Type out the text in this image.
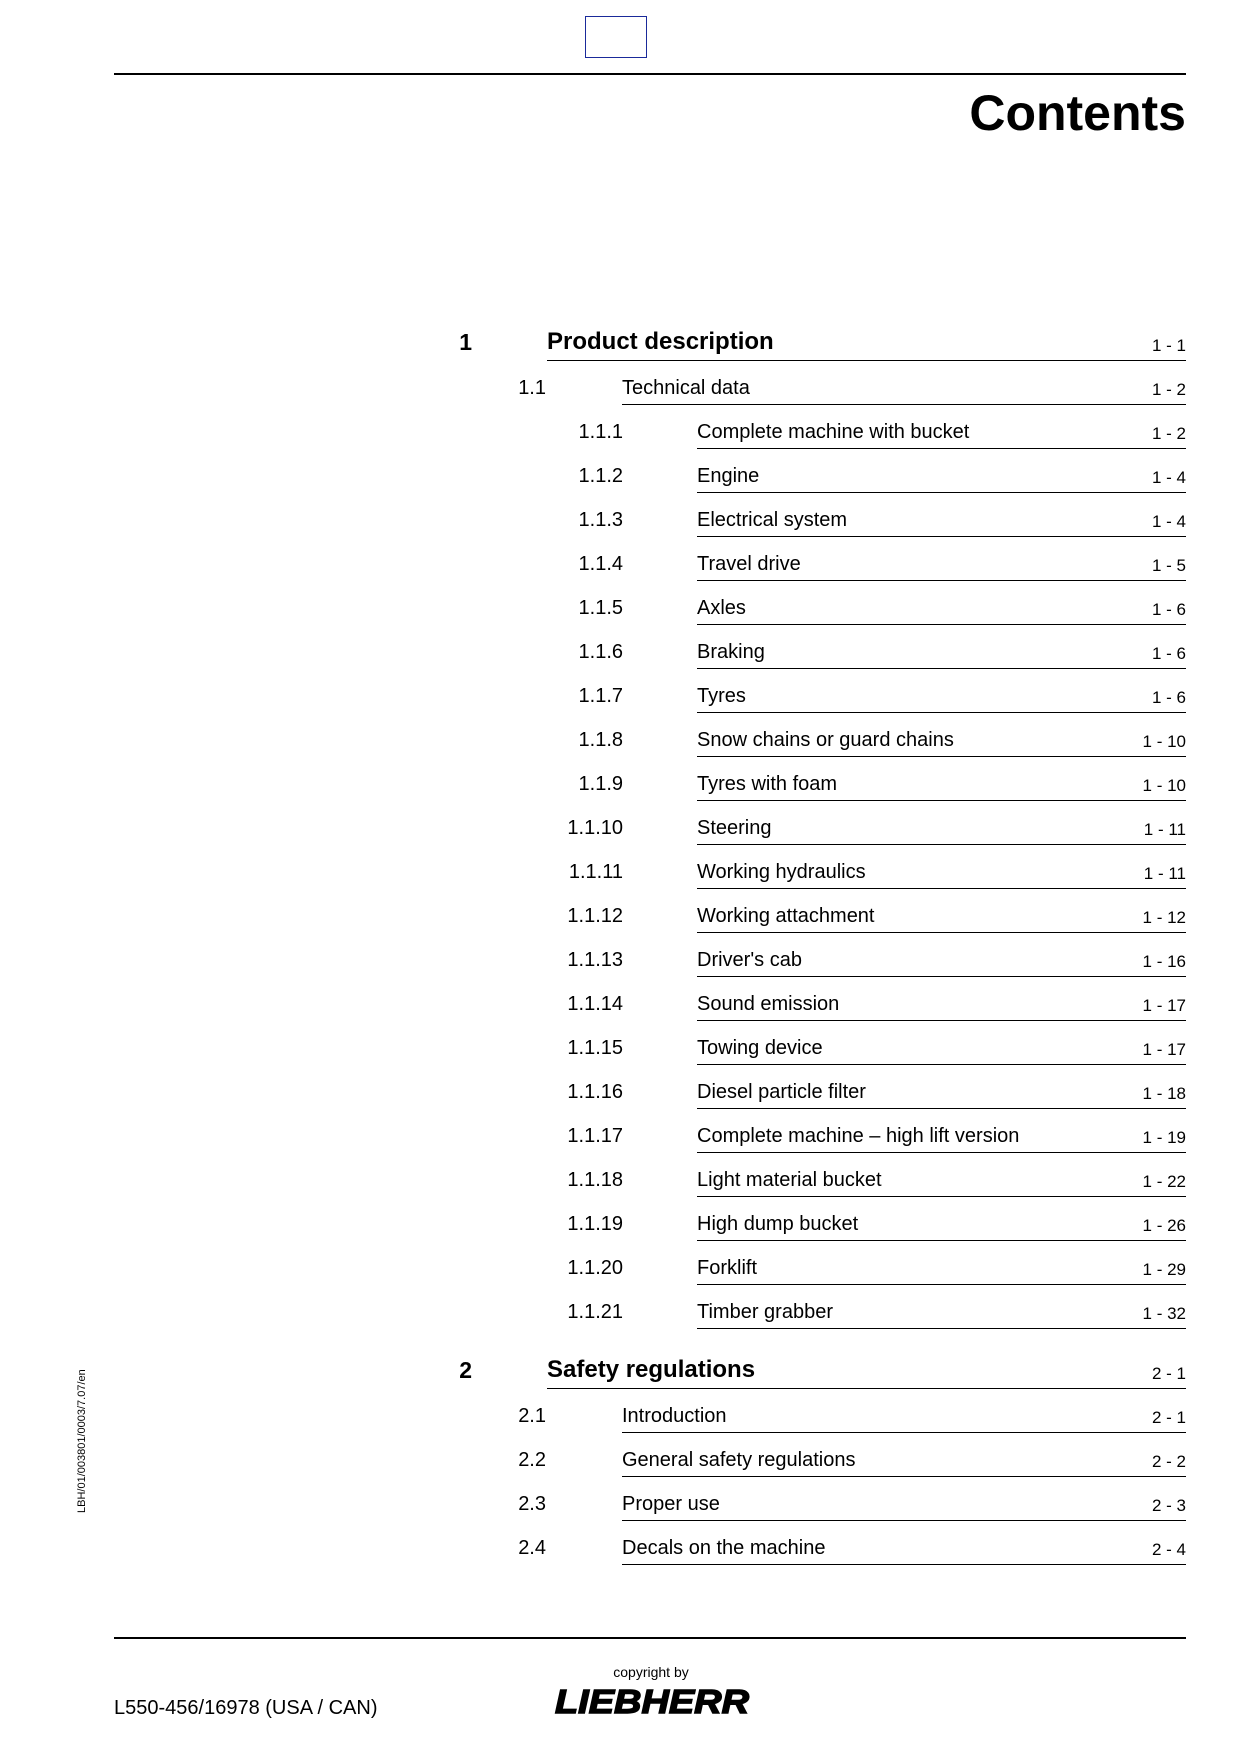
Contents
1	Product description	1 - 1
1.1	Technical data	1 - 2
1.1.1	Complete machine with bucket	1 - 2
1.1.2	Engine	1 - 4
1.1.3	Electrical system	1 - 4
1.1.4	Travel drive	1 - 5
1.1.5	Axles	1 - 6
1.1.6	Braking	1 - 6
1.1.7	Tyres	1 - 6
1.1.8	Snow chains or guard chains	1 - 10
1.1.9	Tyres with foam	1 - 10
1.1.10	Steering	1 - 11
1.1.11	Working hydraulics	1 - 11
1.1.12	Working attachment	1 - 12
1.1.13	Driver's cab	1 - 16
1.1.14	Sound emission	1 - 17
1.1.15	Towing device	1 - 17
1.1.16	Diesel particle filter	1 - 18
1.1.17	Complete machine – high lift version	1 - 19
1.1.18	Light material bucket	1 - 22
1.1.19	High dump bucket	1 - 26
1.1.20	Forklift	1 - 29
1.1.21	Timber grabber	1 - 32
2	Safety regulations	2 - 1
2.1	Introduction	2 - 1
2.2	General safety regulations	2 - 2
2.3	Proper use	2 - 3
2.4	Decals on the machine	2 - 4
LBH/01/003801/0003/7.07/en
L550-456/16978 (USA / CAN)
copyright by
LIEBHERR
